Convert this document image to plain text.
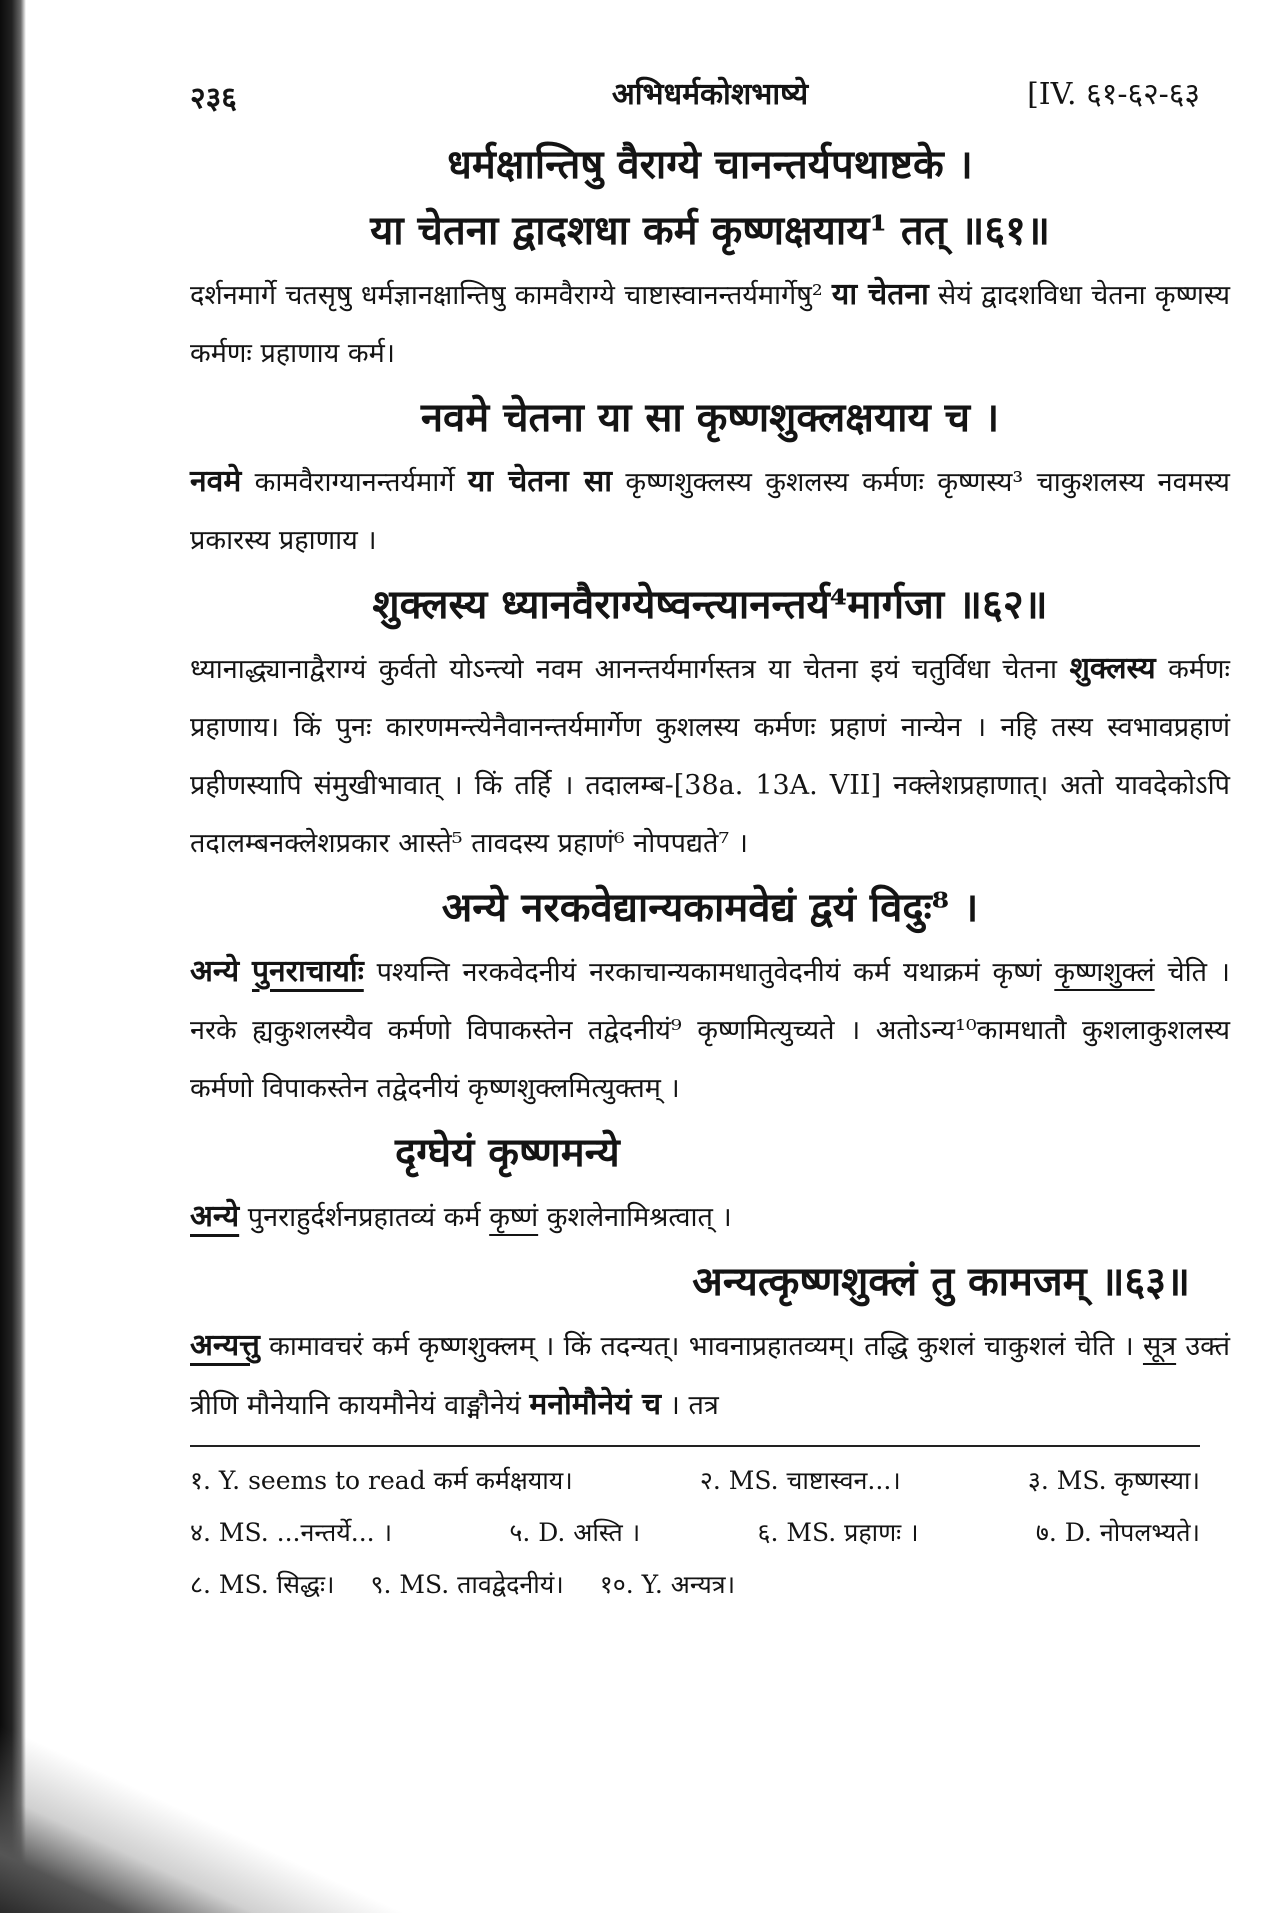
२३६	अभिधर्मकोशभाष्ये	[IV. ६१-६२-६३
धर्मक्षान्तिषु वैराग्ये चानन्तर्यपथाष्टके ।
या चेतना द्वादशधा कर्म कृष्णक्षयाय¹ तत् ॥६१॥

दर्शनमार्गे चतसृषु धर्मज्ञानक्षान्तिषु कामवैराग्ये चाष्टास्वानन्तर्यमार्गेषु² या चेतना सेयं द्वादशविधा चेतना कृष्णस्य कर्मणः प्रहाणाय कर्म।

नवमे चेतना या सा कृष्णशुक्लक्षयाय च ।

नवमे कामवैराग्यानन्तर्यमार्गे या चेतना सा कृष्णशुक्लस्य कुशलस्य कर्मणः कृष्णस्य³ चाकुशलस्य नवमस्य प्रकारस्य प्रहाणाय ।

शुक्लस्य ध्यानवैराग्येष्वन्त्यानन्तर्य⁴मार्गजा ॥६२॥

ध्यानाद्ध्यानाद्वैराग्यं कुर्वतो योऽन्त्यो नवम आनन्तर्यमार्गस्तत्र या चेतना इयं चतुर्विधा चेतना शुक्लस्य कर्मणः प्रहाणाय। किं पुनः कारणमन्त्येनैवानन्तर्यमार्गेण कुशलस्य कर्मणः प्रहाणं नान्येन । नहि तस्य स्वभावप्रहाणं प्रहीणस्यापि संमुखीभावात् । किं तर्हि । तदालम्ब-[38a. 13A. VII] नक्लेशप्रहाणात्। अतो यावदेकोऽपि तदालम्बनक्लेशप्रकार आस्ते⁵ तावदस्य प्रहाणं⁶ नोपपद्यते⁷ ।

अन्ये नरकवेद्यान्यकामवेद्यं द्वयं विदुः⁸ ।

अन्ये पुनराचार्याः पश्यन्ति नरकवेदनीयं नरकाचान्यकामधातुवेदनीयं कर्म यथाक्रमं कृष्णं कृष्णशुक्लं चेति । नरके ह्यकुशलस्यैव कर्मणो विपाकस्तेन तद्वेदनीयं⁹ कृष्णमित्युच्यते । अतोऽन्य¹⁰कामधातौ कुशलाकुशलस्य कर्मणो विपाकस्तेन तद्वेदनीयं कृष्णशुक्लमित्युक्तम् ।

दृग्घेयं कृष्णमन्ये

अन्ये पुनराहुर्दर्शनप्रहातव्यं कर्म कृष्णं कुशलेनामिश्रत्वात् ।

अन्यत्कृष्णशुक्लं तु कामजम् ॥६३॥

अन्यत्तु कामावचरं कर्म कृष्णशुक्लम् । किं तदन्यत्। भावनाप्रहातव्यम्। तद्धि कुशलं चाकुशलं चेति । सूत्र उक्तं त्रीणि मौनेयानि कायमौनेयं वाङ्मौनेयं मनोमौनेयं च । तत्र

१. Y. seems to read कर्म कर्मक्षयाय।	२. MS. चाष्टास्वन...।	३. MS. कृष्णस्या।
४. MS. ...नन्तर्ये... ।	५. D. अस्ति ।	६. MS. प्रहाणः ।	७. D. नोपलभ्यते।
८. MS. सिद्धः। ९. MS. तावद्वेदनीयं। १०. Y. अन्यत्र।
